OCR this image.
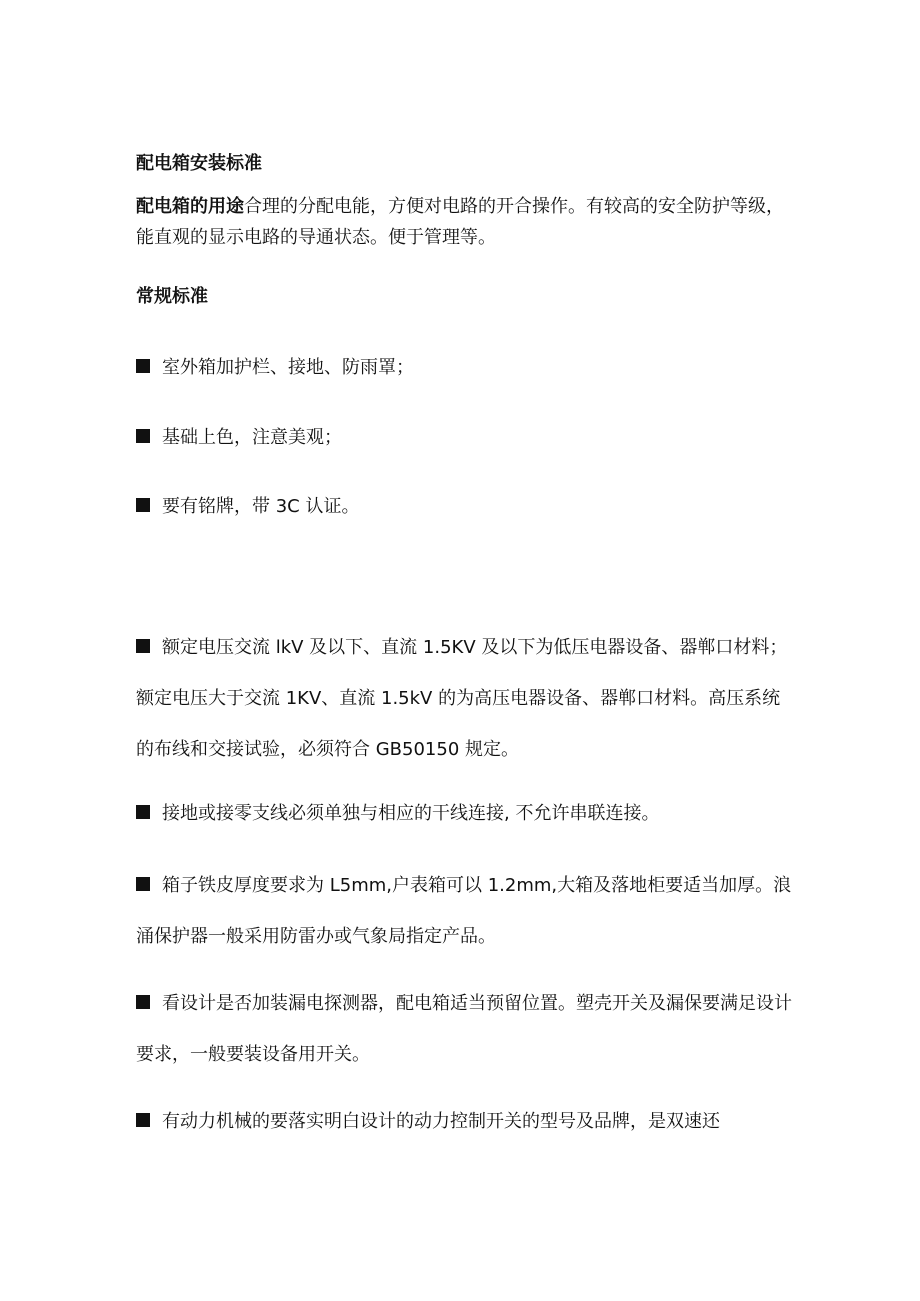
配电箱安装标准
配电箱的用途合理的分配电能，方便对电路的开合操作。有较高的安全防护等级，能直观的显示电路的导通状态。便于管理等。
常规标准
室外箱加护栏、接地、防雨罩；
基础上色，注意美观；
要有铭牌，带 3C 认证。
额定电压交流 lkV 及以下、直流 1.5KV 及以下为低压电器设备、器郸口材料； 额定电压大于交流 1KV、直流 1.5kV 的为高压电器设备、器郸口材料。高压系统的布线和交接试验，必须符合 GB50150 规定。
接地或接零支线必须单独与相应的干线连接, 不允许串联连接。
箱子铁皮厚度要求为 L5mm,户表箱可以 1.2mm,大箱及落地柜要适当加厚。浪涌保护器一般采用防雷办或气象局指定产品。
看设计是否加装漏电探测器，配电箱适当预留位置。塑壳开关及漏保要满足设计要求，一般要装设备用开关。
有动力机械的要落实明白设计的动力控制开关的型号及品牌，是双速还
